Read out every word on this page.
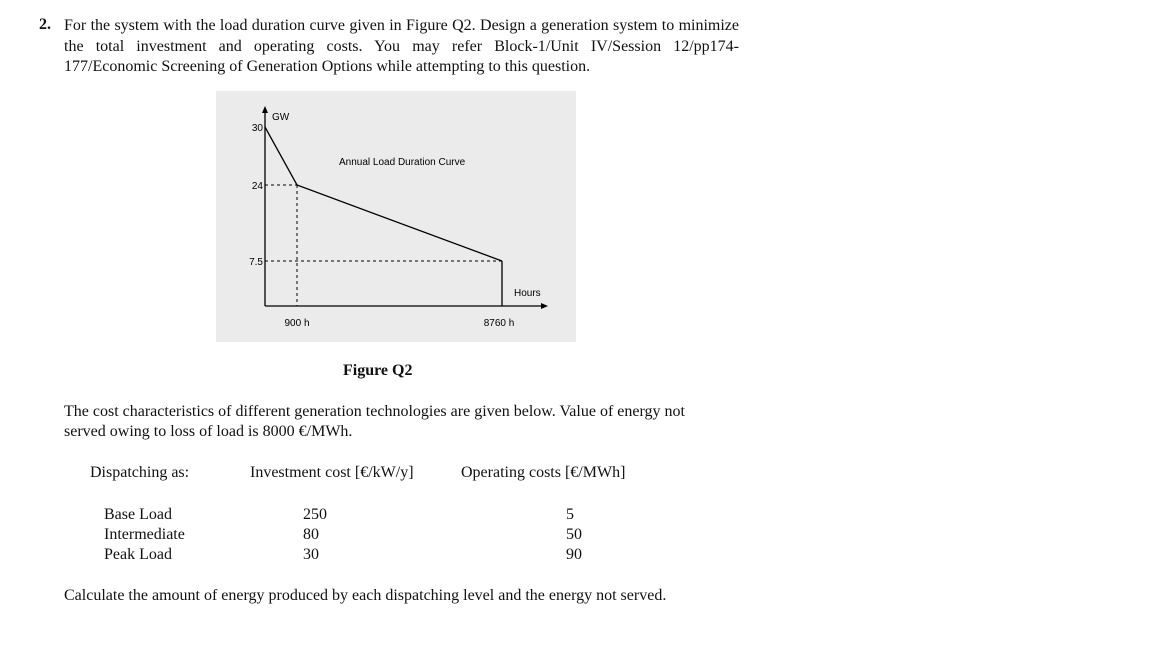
2. For the system with the load duration curve given in Figure Q2. Design a generation system to minimize the total investment and operating costs. You may refer Block-1/Unit IV/Session 12/pp174-177/Economic Screening of Generation Options while attempting to this question.
GW
Annual Load Duration Curve
Hours
30
24
7.5
900 h	8760 h
Figure Q2
The cost characteristics of different generation technologies are given below. Value of energy not served owing to loss of load is 8000 €/MWh.
Dispatching as:	Investment cost [€/kW/y]	Operating costs [€/MWh]
Base Load	250	5
Intermediate	80	50
Peak Load	30	90
Calculate the amount of energy produced by each dispatching level and the energy not served.
